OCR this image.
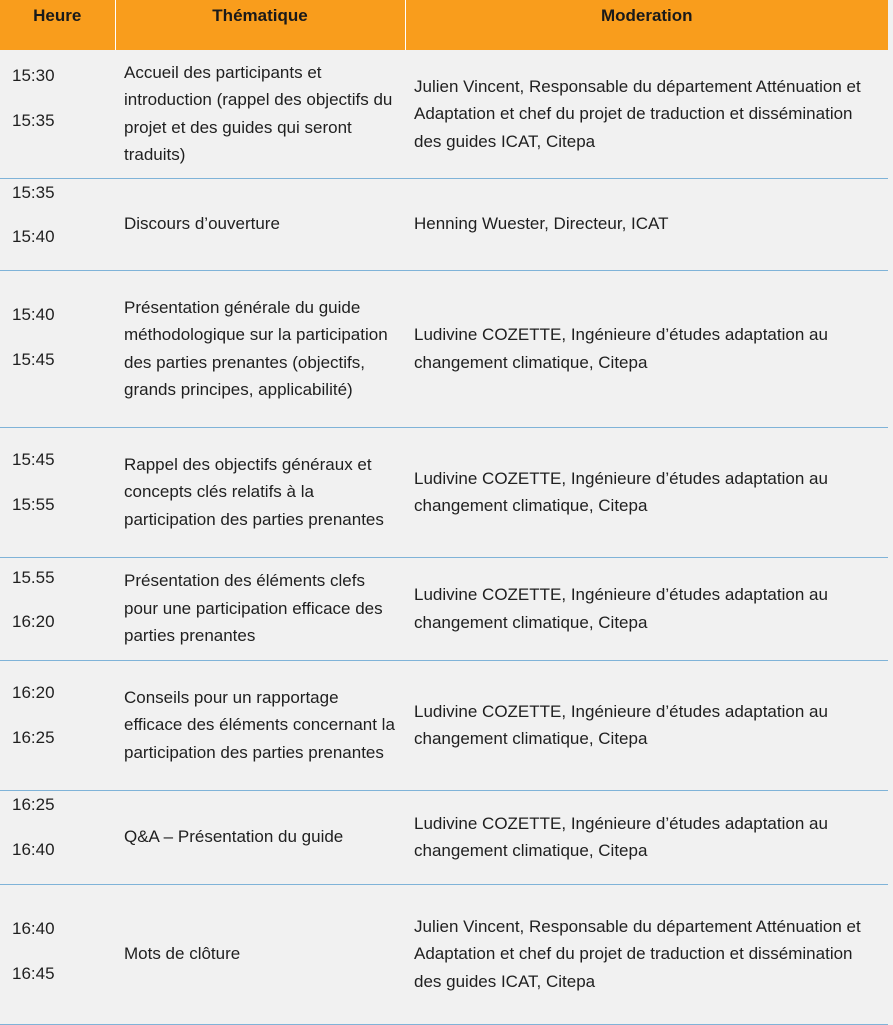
Heure	Thématique	Moderation

15:30
15:35	Accueil des participants et introduction (rappel des objectifs du projet et des guides qui seront traduits)	Julien Vincent, Responsable du département Atténuation et Adaptation et chef du projet de traduction et dissémination des guides ICAT, Citepa

15:35
15:40	Discours d’ouverture	Henning Wuester, Directeur, ICAT

15:40
15:45	Présentation générale du guide méthodologique sur la participation des parties prenantes (objectifs, grands principes, applicabilité)	Ludivine COZETTE, Ingénieure d’études adaptation au changement climatique, Citepa

15:45
15:55	Rappel des objectifs généraux et concepts clés relatifs à la participation des parties prenantes	Ludivine COZETTE, Ingénieure d’études adaptation au changement climatique, Citepa

15.55
16:20	Présentation des éléments clefs pour une participation efficace des parties prenantes	Ludivine COZETTE, Ingénieure d’études adaptation au changement climatique, Citepa

16:20
16:25	Conseils pour un rapportage efficace des éléments concernant la participation des parties prenantes	Ludivine COZETTE, Ingénieure d’études adaptation au changement climatique, Citepa

16:25
16:40	Q&A – Présentation du guide	Ludivine COZETTE, Ingénieure d’études adaptation au changement climatique, Citepa

16:40
16:45	Mots de clôture	Julien Vincent, Responsable du département Atténuation et Adaptation et chef du projet de traduction et dissémination des guides ICAT, Citepa
